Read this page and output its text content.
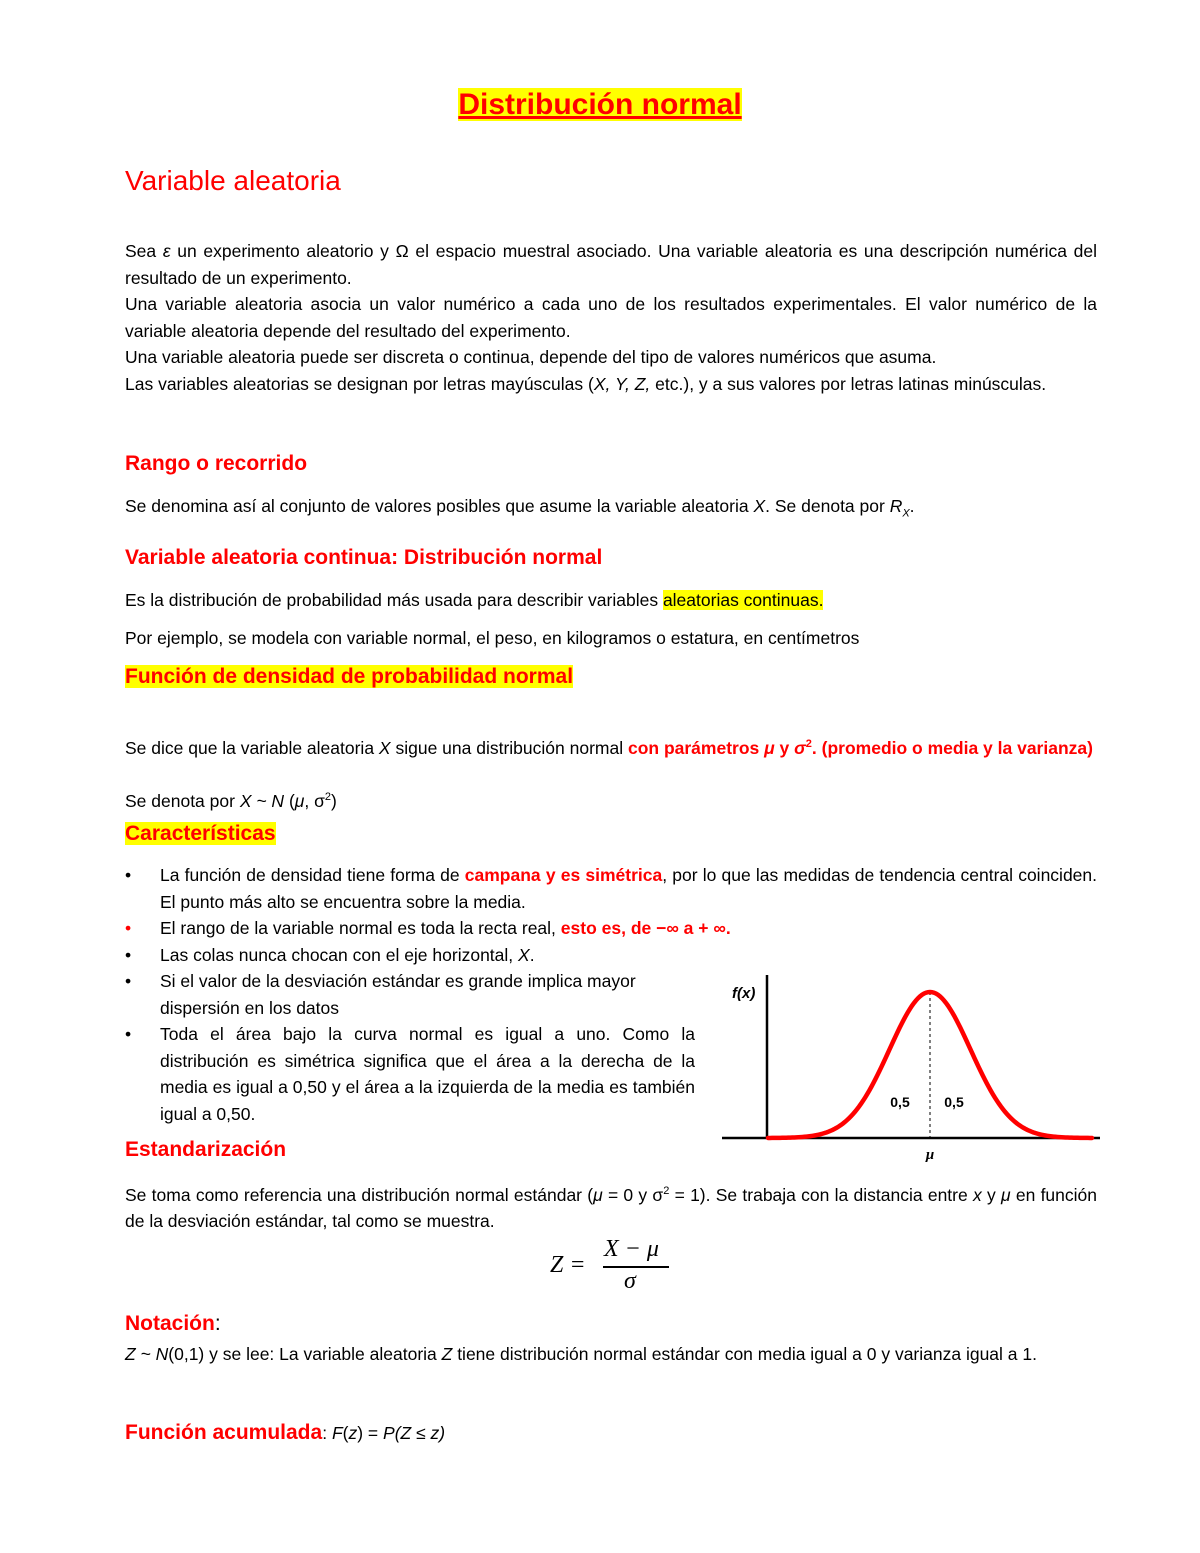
Distribución normal
Variable aleatoria
Sea ε un experimento aleatorio y Ω el espacio muestral asociado. Una variable aleatoria es una descripción numérica del resultado de un experimento.
Una variable aleatoria asocia un valor numérico a cada uno de los resultados experimentales. El valor numérico de la variable aleatoria depende del resultado del experimento.
Una variable aleatoria puede ser discreta o continua, depende del tipo de valores numéricos que asuma.
Las variables aleatorias se designan por letras mayúsculas (X, Y, Z, etc.), y a sus valores por letras latinas minúsculas.
Rango o recorrido
Se denomina así al conjunto de valores posibles que asume la variable aleatoria X. Se denota por $R_X$.
Variable aleatoria continua: Distribución normal
Es la distribución de probabilidad más usada para describir variables aleatorias continuas.
Por ejemplo, se modela con variable normal, el peso, en kilogramos o estatura, en centímetros
Función de densidad de probabilidad normal
Se dice que la variable aleatoria X sigue una distribución normal con parámetros μ y $\sigma^2$. (promedio o media y la varianza)
Se denota por X ~ N (μ, $\sigma^2$)
Características
• La función de densidad tiene forma de campana y es simétrica, por lo que las medidas de tendencia central coinciden. El punto más alto se encuentra sobre la media.
• El rango de la variable normal es toda la recta real, esto es, de −∞ a + ∞.
• Las colas nunca chocan con el eje horizontal, X.
• Si el valor de la desviación estándar es grande implica mayor dispersión en los datos
• Toda el área bajo la curva normal es igual a uno. Como la distribución es simétrica significa que el área a la derecha de la media es igual a 0,50 y el área a la izquierda de la media es también igual a 0,50.
f(x)
0,5 0,5
μ
Estandarización
Se toma como referencia una distribución normal estándar (μ = 0 y $\sigma^2 = 1$). Se trabaja con la distancia entre x y μ en función de la desviación estándar, tal como se muestra.
Z =
X − μ
σ
Notación:
Z ~ N(0,1) y se lee: La variable aleatoria Z tiene distribución normal estándar con media igual a 0 y varianza igual a 1.
Función acumulada: F(z) = P(Z ≤ z)
